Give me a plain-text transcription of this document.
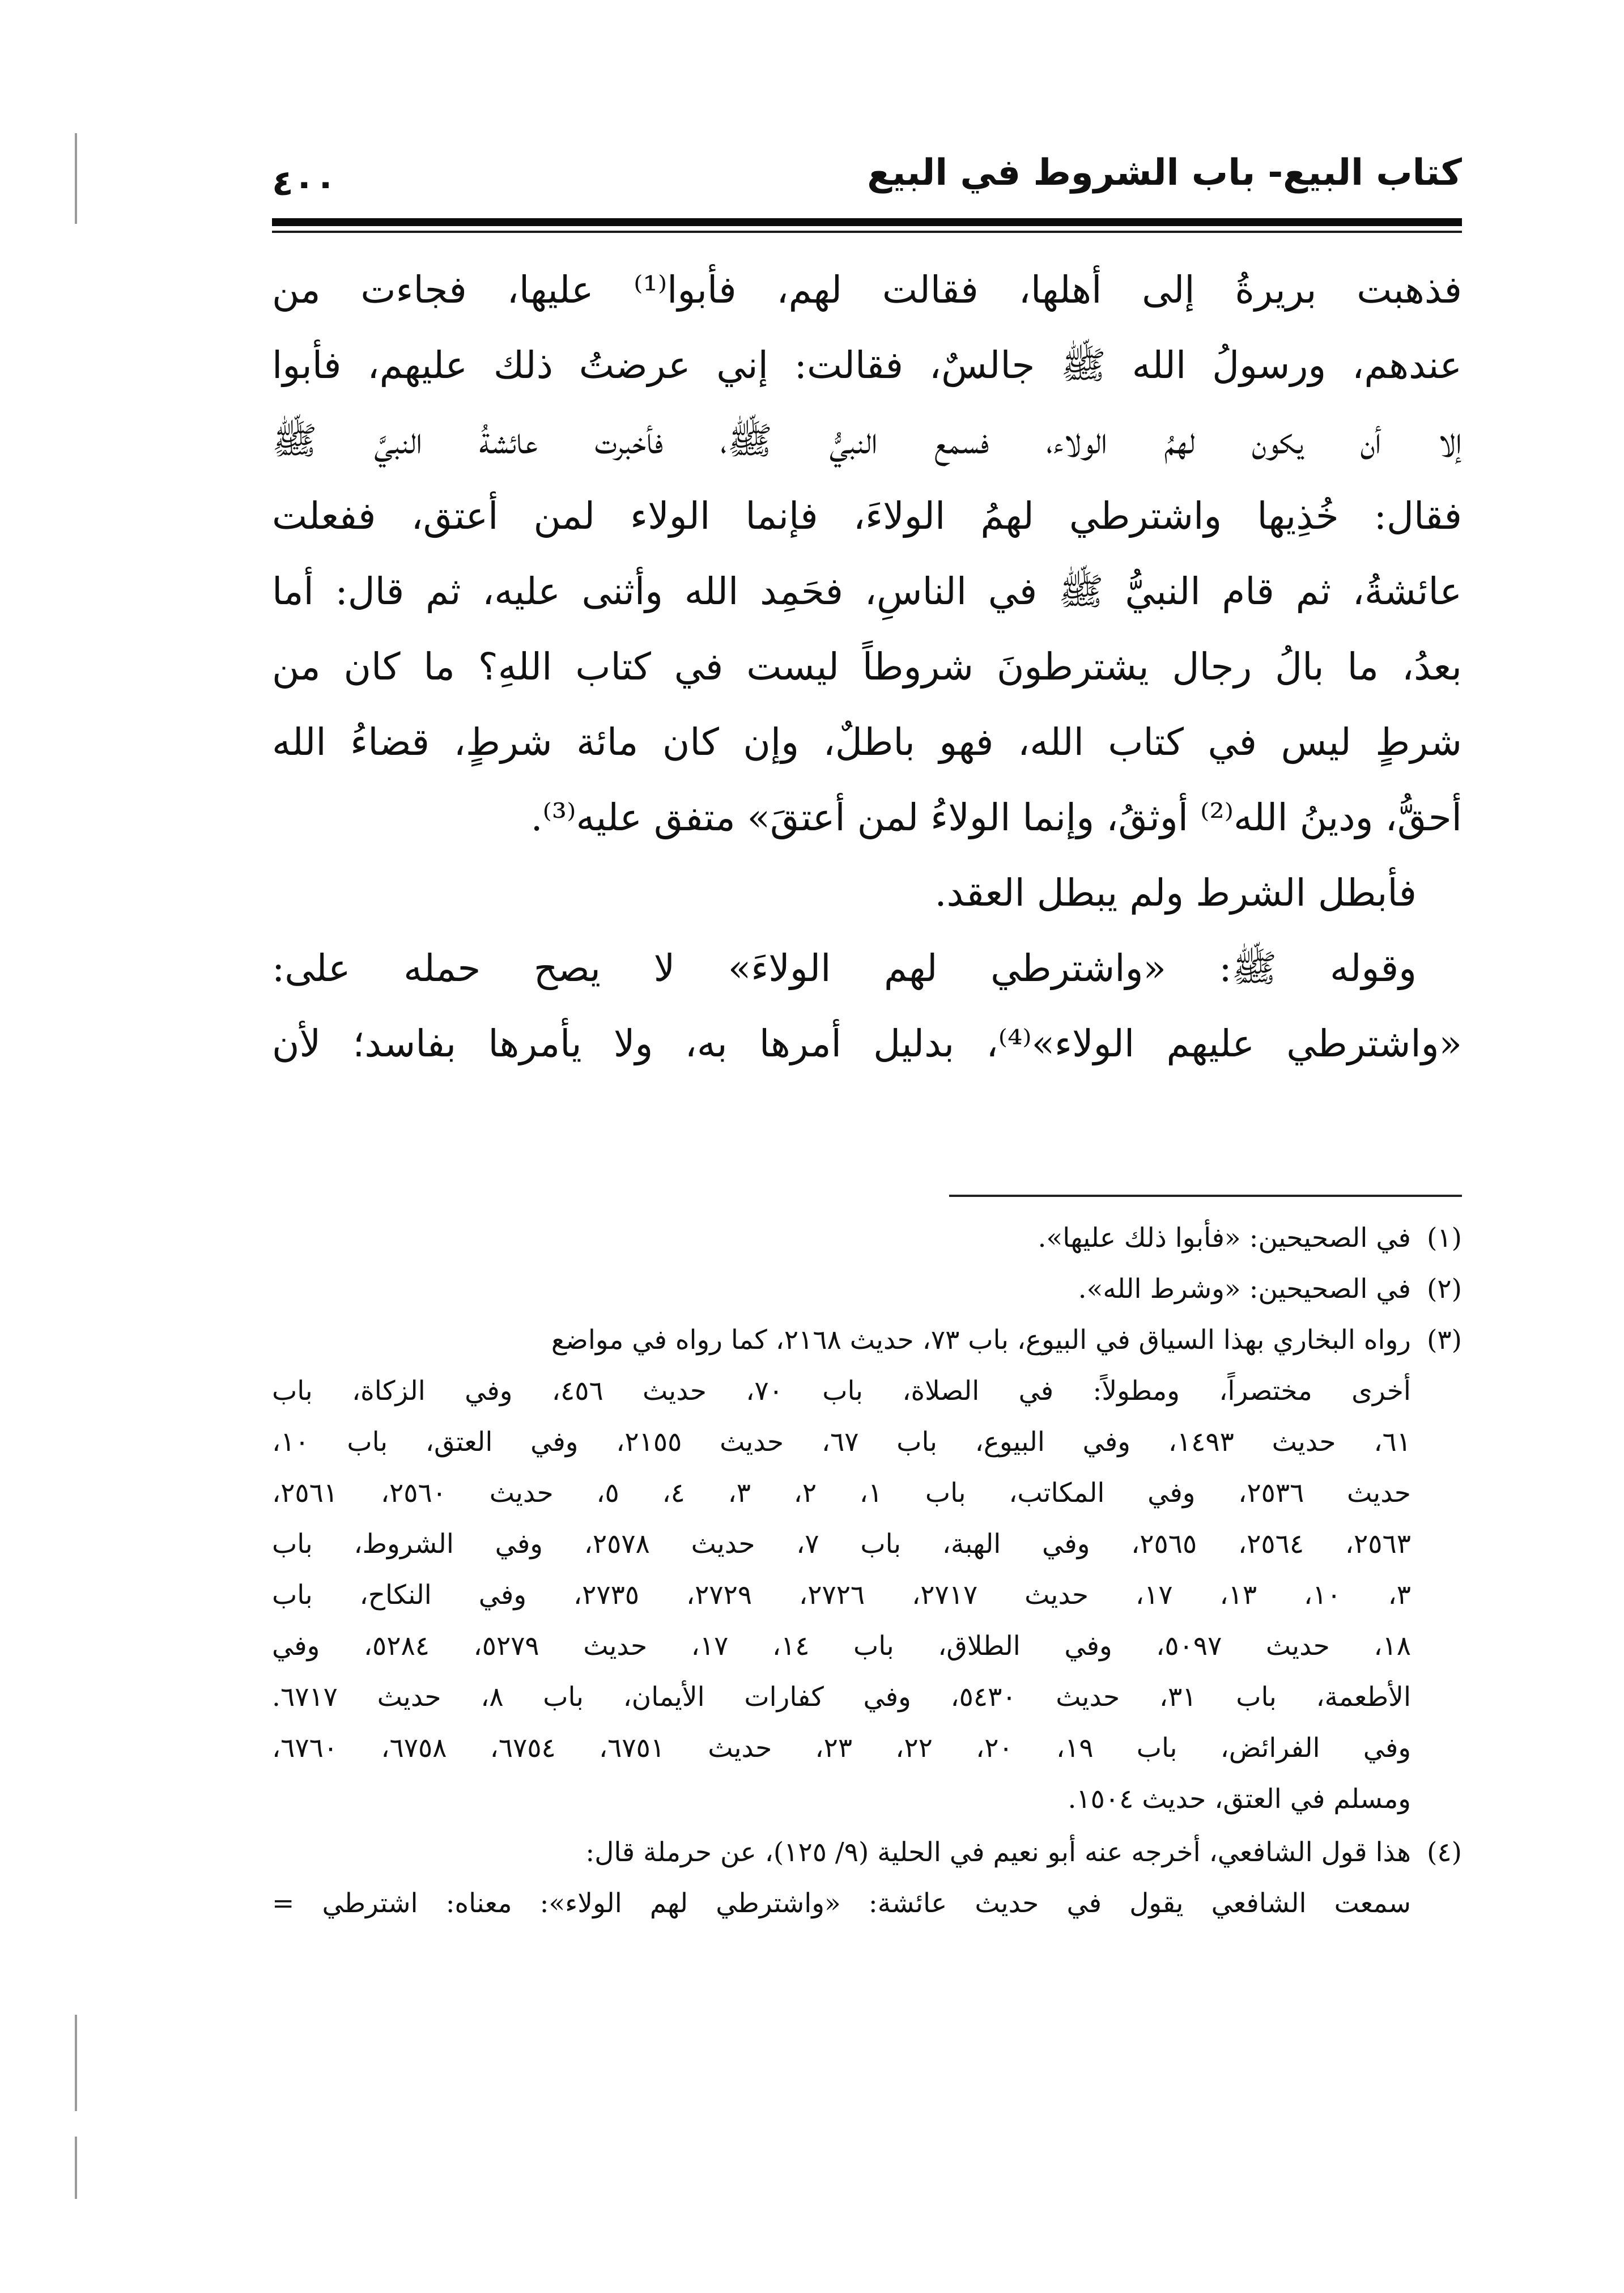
كتاب البيع- باب الشروط في البيع
٤٠٠
فذهبت بريرةُ إلى أهلها، فقالت لهم، فأبوا⁽¹⁾ عليها، فجاءت من
عندهم، ورسولُ الله ﷺ جالسٌ، فقالت: إني عرضتُ ذلك عليهم، فأبوا
إلا أن يكون لهمُ الولاء، فسمع النبيُّ ﷺ، فأخبرت عائشةُ النبيَّ ﷺ
فقال: خُذِيها واشترطي لهمُ الولاءَ، فإنما الولاء لمن أعتق، ففعلت
عائشةُ، ثم قام النبيُّ ﷺ في الناسِ، فحَمِد الله وأثنى عليه، ثم قال: أما
بعدُ، ما بالُ رجال يشترطونَ شروطاً ليست في كتاب اللهِ؟ ما كان من
شرطٍ ليس في كتاب الله، فهو باطلٌ، وإن كان مائة شرطٍ، قضاءُ الله
أحقُّ، ودينُ الله⁽²⁾ أوثقُ، وإنما الولاءُ لمن أعتقَ» متفق عليه⁽³⁾.
فأبطل الشرط ولم يبطل العقد.
وقوله ﷺ: «واشترطي لهم الولاءَ» لا يصح حمله على:
«واشترطي عليهم الولاء»⁽⁴⁾، بدليل أمرها به، ولا يأمرها بفاسد؛ لأن
(١)في الصحيحين: «فأبوا ذلك عليها».
(٢)في الصحيحين: «وشرط الله».
(٣)رواه البخاري بهذا السياق في البيوع، باب ٧٣، حديث ٢١٦٨، كما رواه في مواضع
أخرى مختصراً، ومطولاً: في الصلاة، باب ٧٠، حديث ٤٥٦، وفي الزكاة، باب
٦١، حديث ١٤٩٣، وفي البيوع، باب ٦٧، حديث ٢١٥٥، وفي العتق، باب ١٠،
حديث ٢٥٣٦، وفي المكاتب، باب ١، ٢، ٣، ٤، ٥، حديث ٢٥٦٠، ٢٥٦١،
٢٥٦٣، ٢٥٦٤، ٢٥٦٥، وفي الهبة، باب ٧، حديث ٢٥٧٨، وفي الشروط، باب
٣، ١٠، ١٣، ١٧، حديث ٢٧١٧، ٢٧٢٦، ٢٧٢٩، ٢٧٣٥، وفي النكاح، باب
١٨، حديث ٥٠٩٧، وفي الطلاق، باب ١٤، ١٧، حديث ٥٢٧٩، ٥٢٨٤، وفي
الأطعمة، باب ٣١، حديث ٥٤٣٠، وفي كفارات الأيمان، باب ٨، حديث ٦٧١٧.
وفي الفرائض، باب ١٩، ٢٠، ٢٢، ٢٣، حديث ٦٧٥١، ٦٧٥٤، ٦٧٥٨، ٦٧٦٠،
ومسلم في العتق، حديث ١٥٠٤.
(٤)هذا قول الشافعي، أخرجه عنه أبو نعيم في الحلية (٩/ ١٢٥)، عن حرملة قال:
سمعت الشافعي يقول في حديث عائشة: «واشترطي لهم الولاء»: معناه: اشترطي =
